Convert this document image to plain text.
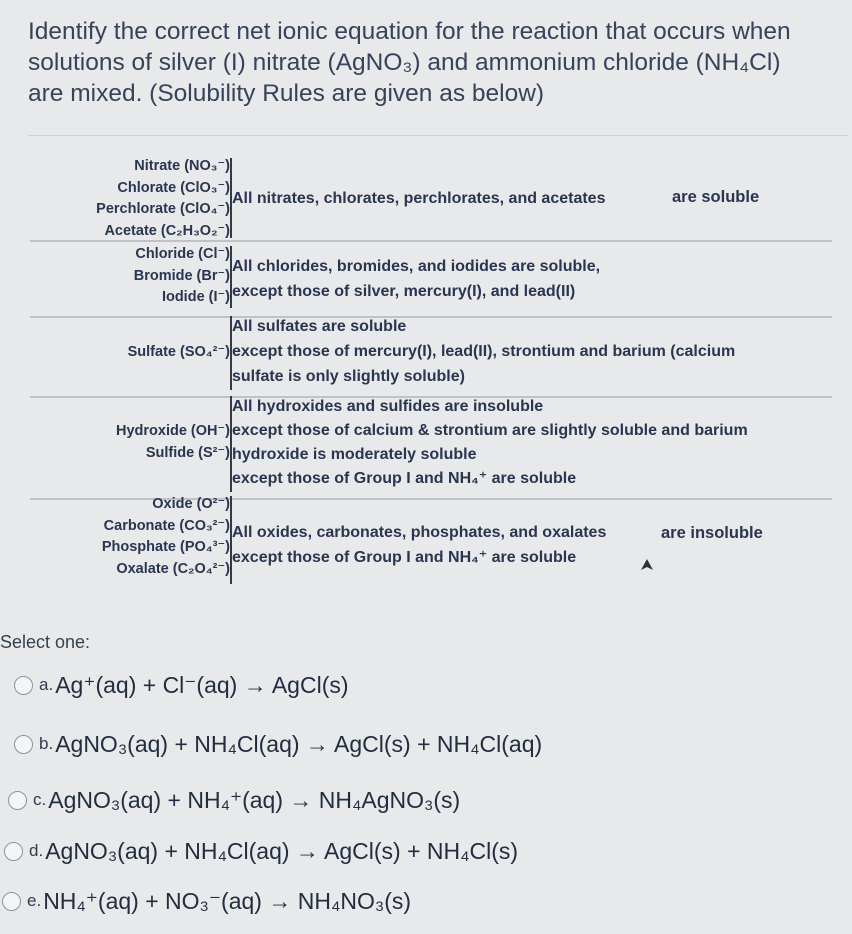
Identify the correct net ionic equation for the reaction that occurs when
solutions of silver (I) nitrate (AgNO₃) and ammonium chloride (NH₄Cl)
are mixed. (Solubility Rules are given as below)
Nitrate (NO₃⁻)
Chlorate (ClO₃⁻)
Perchlorate (ClO₄⁻)
Acetate (C₂H₃O₂⁻)
All nitrates, chlorates, perchlorates, and acetates	are soluble
Chloride (Cl⁻)
Bromide (Br⁻)
Iodide (I⁻)
All chlorides, bromides, and iodides are soluble,
except those of silver, mercury(I), and lead(II)
Sulfate (SO₄²⁻)
All sulfates are soluble
except those of mercury(I), lead(II), strontium and barium (calcium
sulfate is only slightly soluble)
Hydroxide (OH⁻)
Sulfide (S²⁻)
All hydroxides and sulfides are insoluble
except those of calcium & strontium are slightly soluble and barium
hydroxide is moderately soluble
except those of Group I and NH₄⁺ are soluble
Oxide (O²⁻)
Carbonate (CO₃²⁻)
Phosphate (PO₄³⁻)
Oxalate (C₂O₄²⁻)
All oxides, carbonates, phosphates, and oxalates
except those of Group I and NH₄⁺ are soluble
are insoluble
Select one:
a. Ag⁺(aq) + Cl⁻(aq) → AgCl(s)
b. AgNO₃(aq) + NH₄Cl(aq) → AgCl(s) + NH₄Cl(aq)
c. AgNO₃(aq) + NH₄⁺(aq) → NH₄AgNO₃(s)
d. AgNO₃(aq) + NH₄Cl(aq) → AgCl(s) + NH₄Cl(s)
e. NH₄⁺(aq) + NO₃⁻(aq) → NH₄NO₃(s)
